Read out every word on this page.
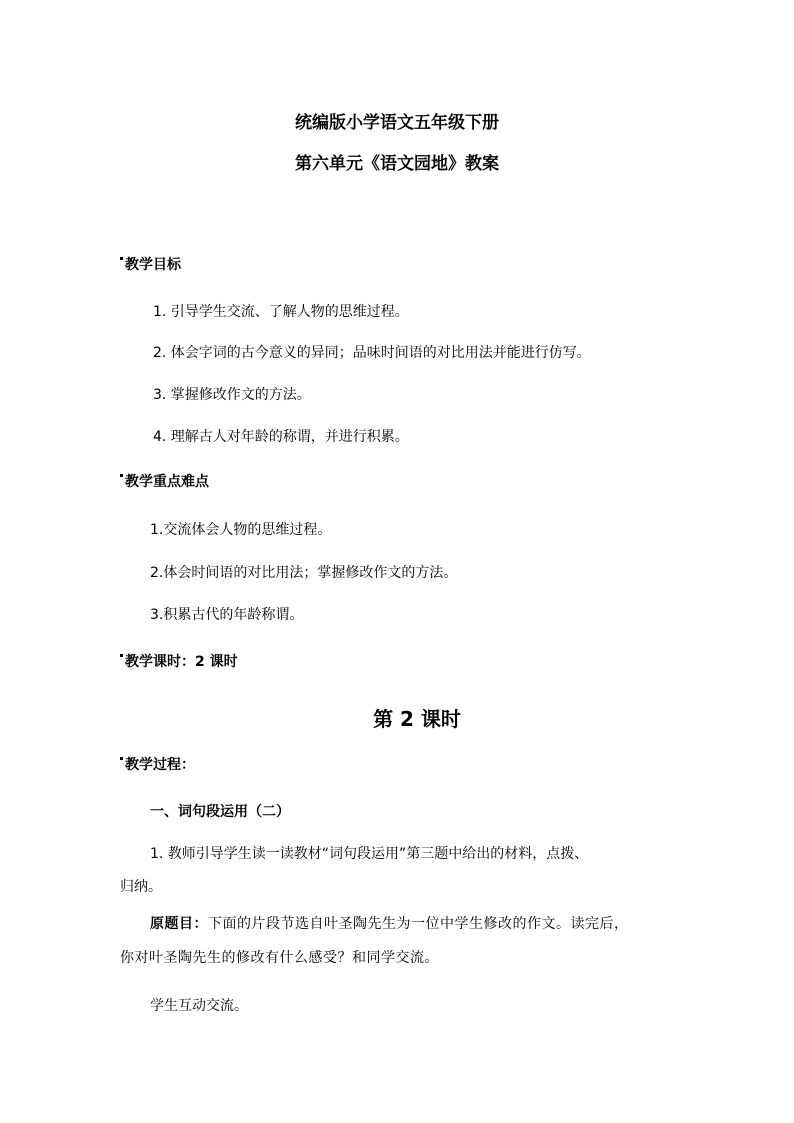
统编版小学语文五年级下册
第六单元《语文园地》教案
教学目标
1. 引导学生交流、了解人物的思维过程。
2. 体会字词的古今意义的异同；品味时间语的对比用法并能进行仿写。
3. 掌握修改作文的方法。
4. 理解古人对年龄的称谓，并进行积累。
教学重点难点
1.交流体会人物的思维过程。
2.体会时间语的对比用法；掌握修改作文的方法。
3.积累古代的年龄称谓。
教学课时：2 课时
第 2 课时
教学过程：
一、词句段运用（二）
1. 教师引导学生读一读教材“词句段运用”第三题中给出的材料，点拨、
归纳。
原题目：下面的片段节选自叶圣陶先生为一位中学生修改的作文。读完后，
你对叶圣陶先生的修改有什么感受？和同学交流。
学生互动交流。
